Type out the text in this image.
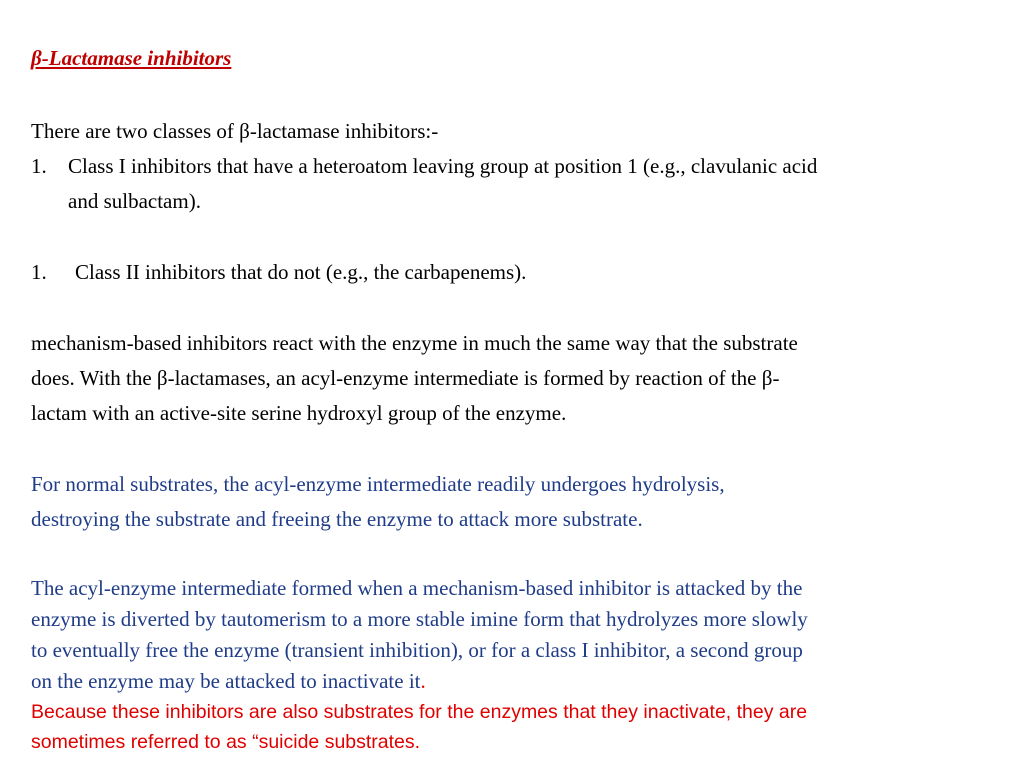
β-Lactamase inhibitors
There are two classes of β-lactamase inhibitors:-
1. Class I inhibitors that have a heteroatom leaving group at position 1 (e.g., clavulanic acid
and sulbactam).
1. Class II inhibitors that do not (e.g., the carbapenems).
mechanism-based inhibitors react with the enzyme in much the same way that the substrate
does. With the β-lactamases, an acyl-enzyme intermediate is formed by reaction of the β-
lactam with an active-site serine hydroxyl group of the enzyme.
For normal substrates, the acyl-enzyme intermediate readily undergoes hydrolysis,
destroying the substrate and freeing the enzyme to attack more substrate.
The acyl-enzyme intermediate formed when a mechanism-based inhibitor is attacked by the
enzyme is diverted by tautomerism to a more stable imine form that hydrolyzes more slowly
to eventually free the enzyme (transient inhibition), or for a class I inhibitor, a second group
on the enzyme may be attacked to inactivate it.
Because these inhibitors are also substrates for the enzymes that they inactivate, they are
sometimes referred to as “suicide substrates.
